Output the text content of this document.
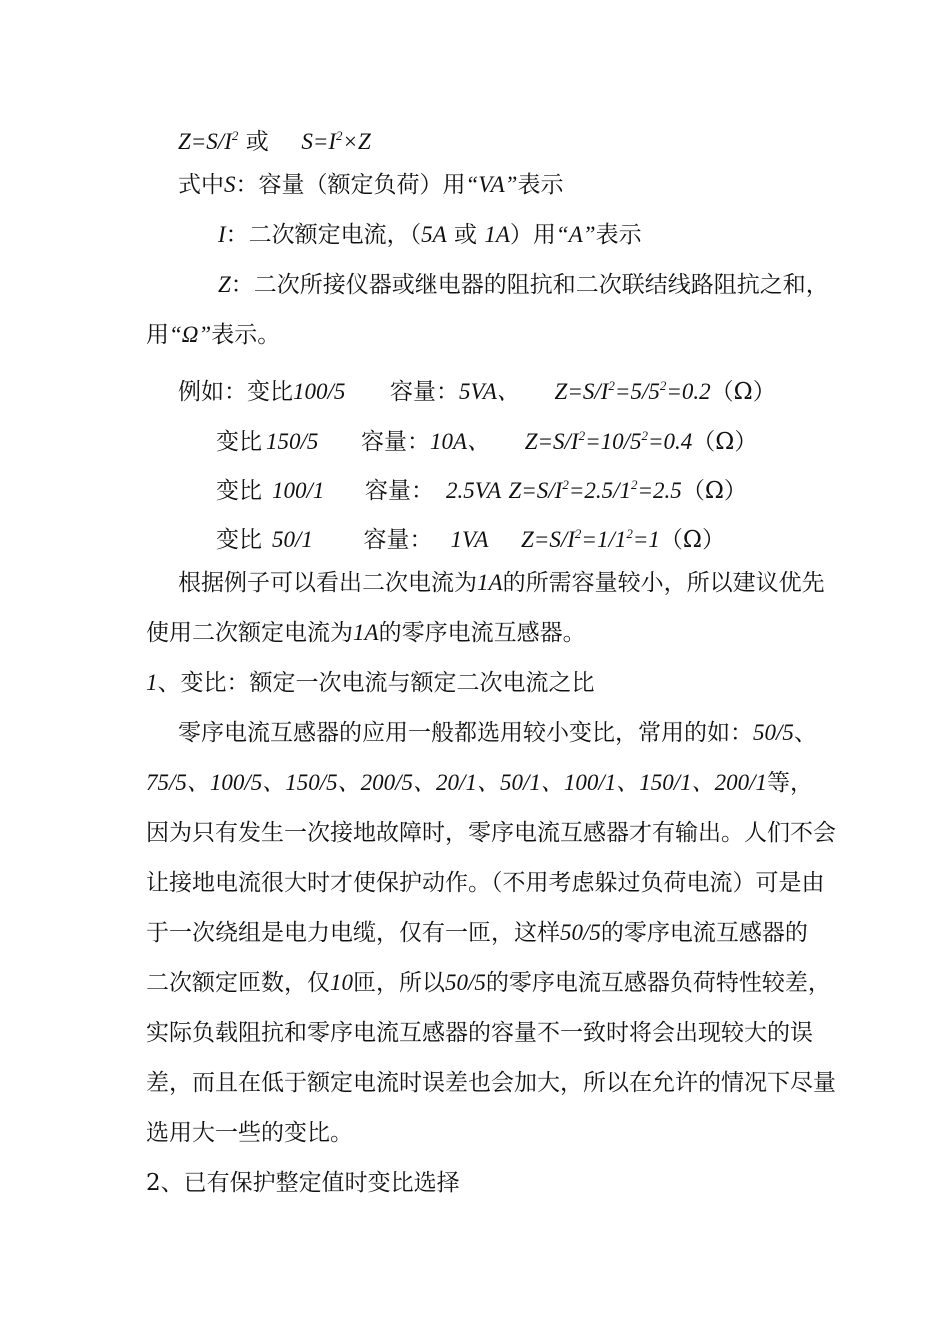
$Z=S/I^2$ 或 $S=I^2\times Z$
式中S：容量（额定负荷）用“VA”表示
I：二次额定电流，（5A 或 1A）用“A”表示
Z：二次所接仪器或继电器的阻抗和二次联结线路阻抗之和，
用“Ω”表示。
例如：变比100/5 容量：5VA、 $Z=S/I^2=5/5^2=0.2(\Omega)$
变比 150/5 容量：10A、 $Z=S/I^2=10/5^2=0.4(\Omega)$
变比 100/1 容量： 2.5VA $Z=S/I^2=2.5/1^2=2.5(\Omega)$
变比 50/1 容量： 1VA $Z=S/I^2=1/1^2=1(\Omega)$
根据例子可以看出二次电流为1A的所需容量较小，所以建议优先
使用二次额定电流为1A的零序电流互感器。
1、变比：额定一次电流与额定二次电流之比
零序电流互感器的应用一般都选用较小变比，常用的如：50/5、
75/5、100/5、150/5、200/5、20/1、50/1、100/1、150/1、200/1等，
因为只有发生一次接地故障时，零序电流互感器才有输出。人们不会
让接地电流很大时才使保护动作。（不用考虑躲过负荷电流）可是由
于一次绕组是电力电缆，仅有一匝，这样50/5的零序电流互感器的
二次额定匝数，仅10匝，所以50/5的零序电流互感器负荷特性较差，
实际负载阻抗和零序电流互感器的容量不一致时将会出现较大的误
差，而且在低于额定电流时误差也会加大，所以在允许的情况下尽量
选用大一些的变比。
2、已有保护整定值时变比选择
